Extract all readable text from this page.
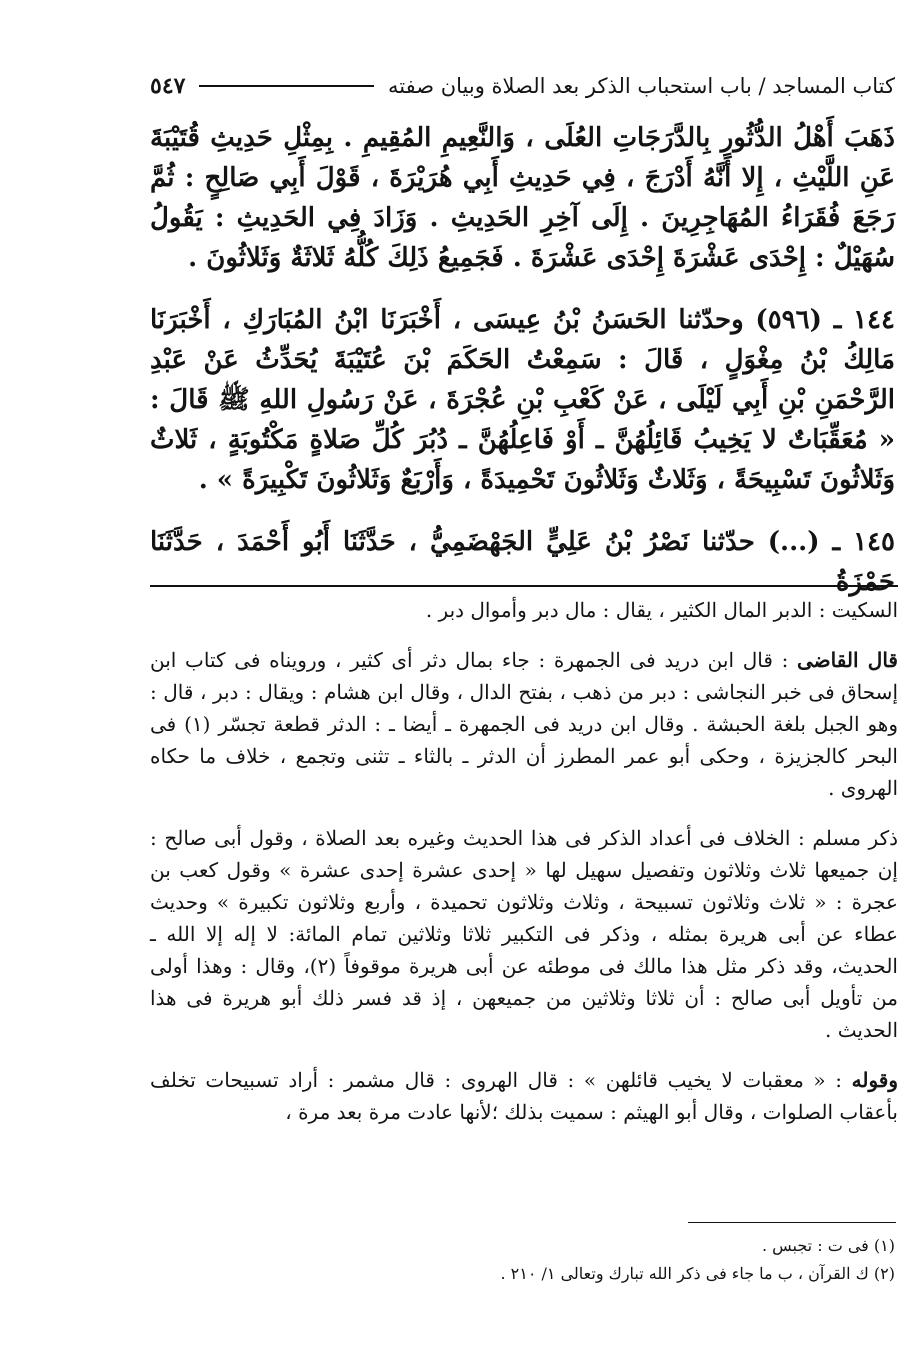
كتاب المساجد / باب استحباب الذكر بعد الصلاة وبيان صفته
٥٤٧

ذَهَبَ أَهْلُ الدُّثُورِ بِالدَّرَجَاتِ العُلَى ، وَالنَّعِيمِ المُقِيمِ . بِمِثْلِ حَدِيثِ قُتَيْبَةَ عَنِ اللَّيْثِ ، إِلا أَنَّهُ أَدْرَجَ ، فِي حَدِيثِ أَبِي هُرَيْرَةَ ، قَوْلَ أَبِي صَالِحٍ : ثُمَّ رَجَعَ فُقَرَاءُ المُهَاجِرِينَ . إِلَى آخِرِ الحَدِيثِ . وَزَادَ فِي الحَدِيثِ : يَقُولُ سُهَيْلٌ : إِحْدَى عَشْرَةَ إِحْدَى عَشْرَةَ . فَجَمِيعُ ذَلِكَ كُلُّهُ ثَلاثَةٌ وَثَلاثُونَ .

١٤٤ ـ (٥٩٦) وحدّثنا الحَسَنُ بْنُ عِيسَى ، أَخْبَرَنَا ابْنُ المُبَارَكِ ، أَخْبَرَنَا مَالِكُ بْنُ مِغْوَلٍ ، قَالَ : سَمِعْتُ الحَكَمَ بْنَ عُتَيْبَةَ يُحَدِّثُ عَنْ عَبْدِ الرَّحْمَنِ بْنِ أَبِي لَيْلَى ، عَنْ كَعْبِ بْنِ عُجْرَةَ ، عَنْ رَسُولِ اللهِ ﷺ قَالَ : « مُعَقِّبَاتٌ لا يَخِيبُ قَائِلُهُنَّ ـ أَوْ فَاعِلُهُنَّ ـ دُبُرَ كُلِّ صَلاةٍ مَكْتُوبَةٍ ، ثَلاثٌ وَثَلاثُونَ تَسْبِيحَةً ، وَثَلاثٌ وَثَلاثُونَ تَحْمِيدَةً ، وَأَرْبَعٌ وَثَلاثُونَ تَكْبِيرَةً » .

١٤٥ ـ (...) حدّثنا نَصْرُ بْنُ عَلِيٍّ الجَهْضَمِيُّ ، حَدَّثَنَا أَبُو أَحْمَدَ ، حَدَّثَنَا حَمْزَةُ

السكيت : الدبر المال الكثير ، يقال : مال دبر وأموال دبر .

قال القاضى : قال ابن دريد فى الجمهرة : جاء بمال دثر أى كثير ، ورويناه فى كتاب ابن إسحاق فى خبر النجاشى : دبر من ذهب ، بفتح الدال ، وقال ابن هشام : ويقال : دبر ، قال : وهو الجبل بلغة الحبشة . وقال ابن دريد فى الجمهرة ـ أيضا ـ : الدثر قطعة تجسّر (١) فى البحر كالجزيزة ، وحكى أبو عمر المطرز أن الدثر ـ بالثاء ـ تثنى وتجمع ، خلاف ما حكاه الهروى .

ذكر مسلم : الخلاف فى أعداد الذكر فى هذا الحديث وغيره بعد الصلاة ، وقول أبى صالح : إن جميعها ثلاث وثلاثون وتفصيل سهيل لها « إحدى عشرة إحدى عشرة » وقول كعب بن عجرة : « ثلاث وثلاثون تسبيحة ، وثلاث وثلاثون تحميدة ، وأربع وثلاثون تكبيرة » وحديث عطاء عن أبى هريرة بمثله ، وذكر فى التكبير ثلاثا وثلاثين تمام المائة: لا إله إلا الله ـ الحديث، وقد ذكر مثل هذا مالك فى موطئه عن أبى هريرة موقوفاً (٢)، وقال : وهذا أولى من تأويل أبى صالح : أن ثلاثا وثلاثين من جميعهن ، إذ قد فسر ذلك أبو هريرة فى هذا الحديث .

وقوله : « معقبات لا يخيب قائلهن » : قال الهروى : قال مشمر : أراد تسبيحات تخلف بأعقاب الصلوات ، وقال أبو الهيثم : سميت بذلك ؛لأنها عادت مرة بعد مرة ،

(١) فى ت : تجبس .

(٢) ك القرآن ، ب ما جاء فى ذكر الله تبارك وتعالى ١/ ٢١٠ .
